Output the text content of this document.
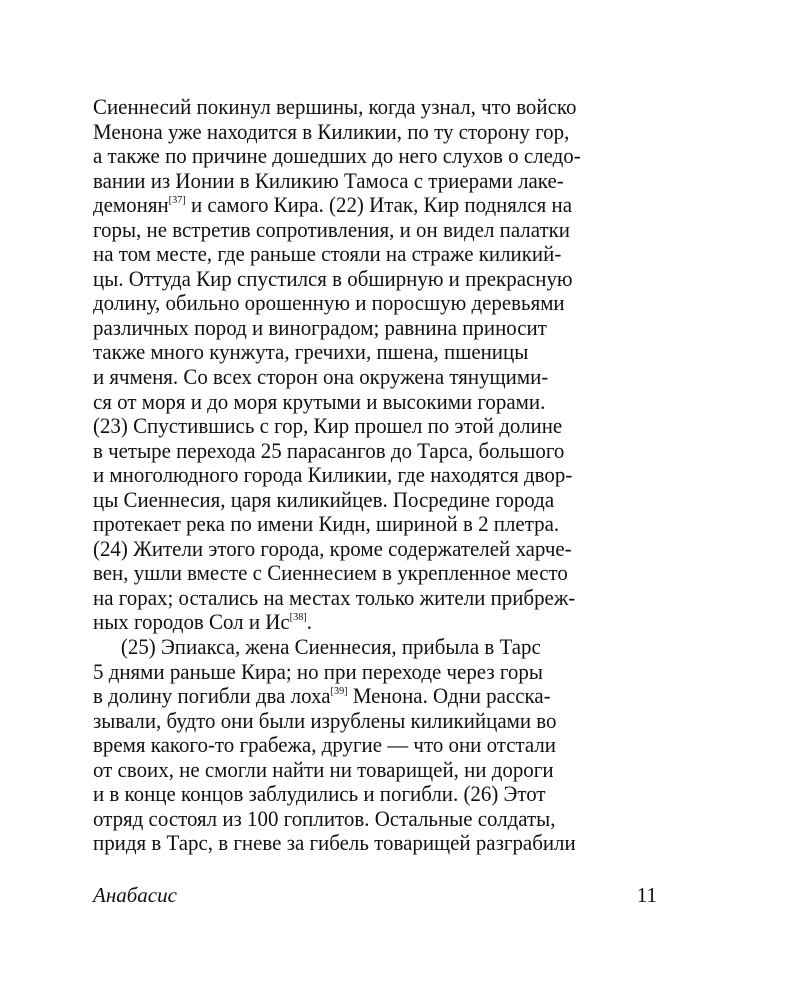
Сиеннесий покинул вершины, когда узнал, что войско
Менона уже находится в Киликии, по ту сторону гор,
а также по причине дошедших до него слухов о следо-
вании из Ионии в Киликию Тамоса с триерами лаке-
демонян[37] и самого Кира. (22) Итак, Кир поднялся на
горы, не встретив сопротивления, и он видел палатки
на том месте, где раньше стояли на страже киликий-
цы. Оттуда Кир спустился в обширную и прекрасную
долину, обильно орошенную и поросшую деревьями
различных пород и виноградом; равнина приносит
также много кунжута, гречихи, пшена, пшеницы
и ячменя. Со всех сторон она окружена тянущими-
ся от моря и до моря крутыми и высокими горами.
(23) Спустившись с гор, Кир прошел по этой долине
в четыре перехода 25 парасангов до Тарса, большого
и многолюдного города Киликии, где находятся двор-
цы Сиеннесия, царя киликийцев. Посредине города
протекает река по имени Кидн, шириной в 2 плетра.
(24) Жители этого города, кроме содержателей харче-
вен, ушли вместе с Сиеннесием в укрепленное место
на горах; остались на местах только жители прибреж-
ных городов Сол и Ис[38].
(25) Эпиакса, жена Сиеннесия, прибыла в Тарс
5 днями раньше Кира; но при переходе через горы
в долину погибли два лоха[39] Менона. Одни расска-
зывали, будто они были изрублены киликийцами во
время какого-то грабежа, другие — что они отстали
от своих, не смогли найти ни товарищей, ни дороги
и в конце концов заблудились и погибли. (26) Этот
отряд состоял из 100 гоплитов. Остальные солдаты,
придя в Тарс, в гневе за гибель товарищей разграбили
Анабасис	11
